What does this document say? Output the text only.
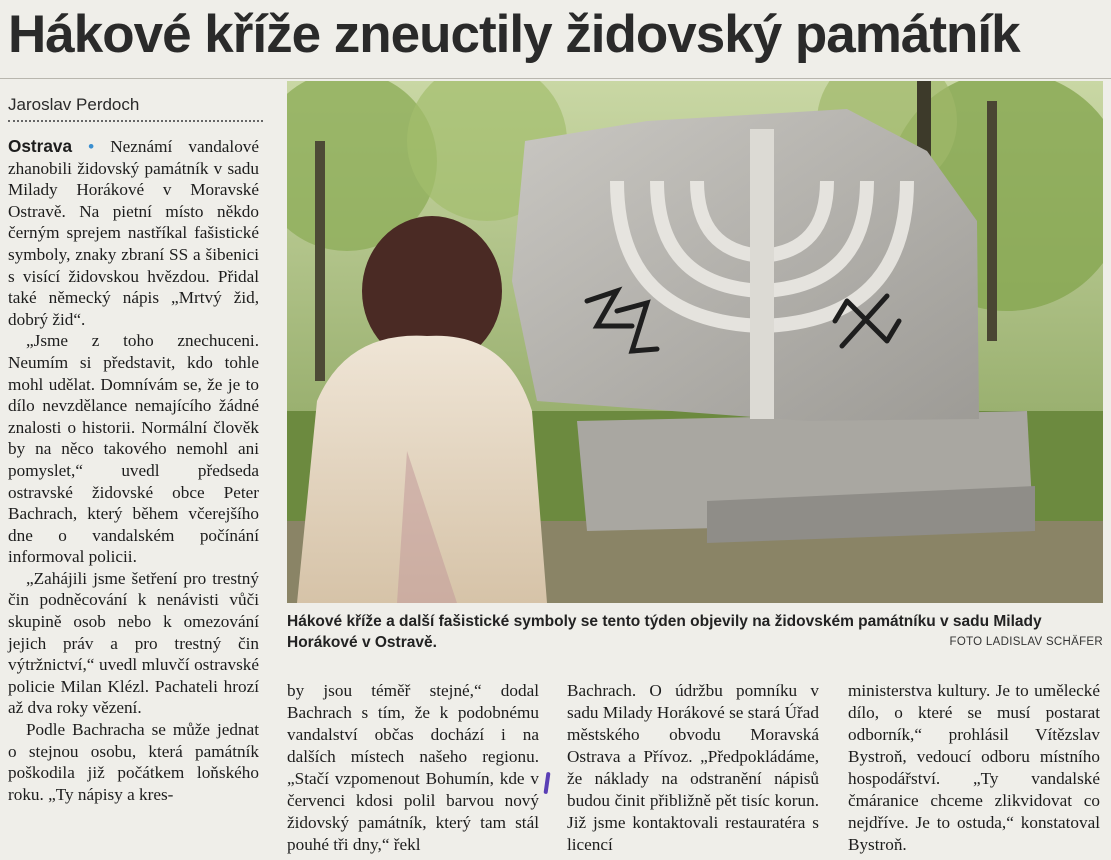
Hákové kříže zneuctily židovský památník
Jaroslav Perdoch

Ostrava • Neznámí vandalové zhanobili židovský památník v sadu Milady Horákové v Moravské Ostravě. Na pietní místo někdo černým sprejem nastříkal fašistické symboly, znaky zbraní SS a šibenici s visící židovskou hvězdou. Přidal také německý nápis „Mrtvý žid, dobrý žid“.

„Jsme z toho znechuceni. Neumím si představit, kdo tohle mohl udělat. Domnívám se, že je to dílo nevzdělance nemajícího žádné znalosti o historii. Normální člověk by na něco takového nemohl ani pomyslet,“ uvedl předseda ostravské židovské obce Peter Bachrach, který během včerejšího dne o vandalském počínání informoval policii.

„Zahájili jsme šetření pro trestný čin podněcování k nenávisti vůči skupině osob nebo k omezování jejich práv a pro trestný čin výtržnictví,“ uvedl mluvčí ostravské policie Milan Klézl. Pachateli hrozí až dva roky vězení.

Podle Bachracha se může jednat o stejnou osobu, která památník poškodila již počátkem loňského roku. „Ty nápisy a kres-

Hákové kříže a další fašistické symboly se tento týden objevily na židovském památníku v sadu Milady Horákové v Ostravě.	FOTO LADISLAV SCHÄFER

by jsou téměř stejné,“ dodal Bachrach s tím, že k podobnému vandalství občas dochází i na dalších místech našeho regionu. „Stačí vzpomenout Bohumín, kde v červenci kdosi polil barvou nový židovský památník, který tam stál pouhé tři dny,“ řekl

Bachrach. O údržbu pomníku v sadu Milady Horákové se stará Úřad městského obvodu Moravská Ostrava a Přívoz. „Předpokládáme, že náklady na odstranění nápisů budou činit přibližně pět tisíc korun. Již jsme kontaktovali restauratéra s licencí

ministerstva kultury. Je to umělecké dílo, o které se musí postarat odborník,“ prohlásil Vítězslav Bystroň, vedoucí odboru místního hospodářství. „Ty vandalské čmáranice chceme zlikvidovat co nejdříve. Je to ostuda,“ konstatoval Bystroň.
